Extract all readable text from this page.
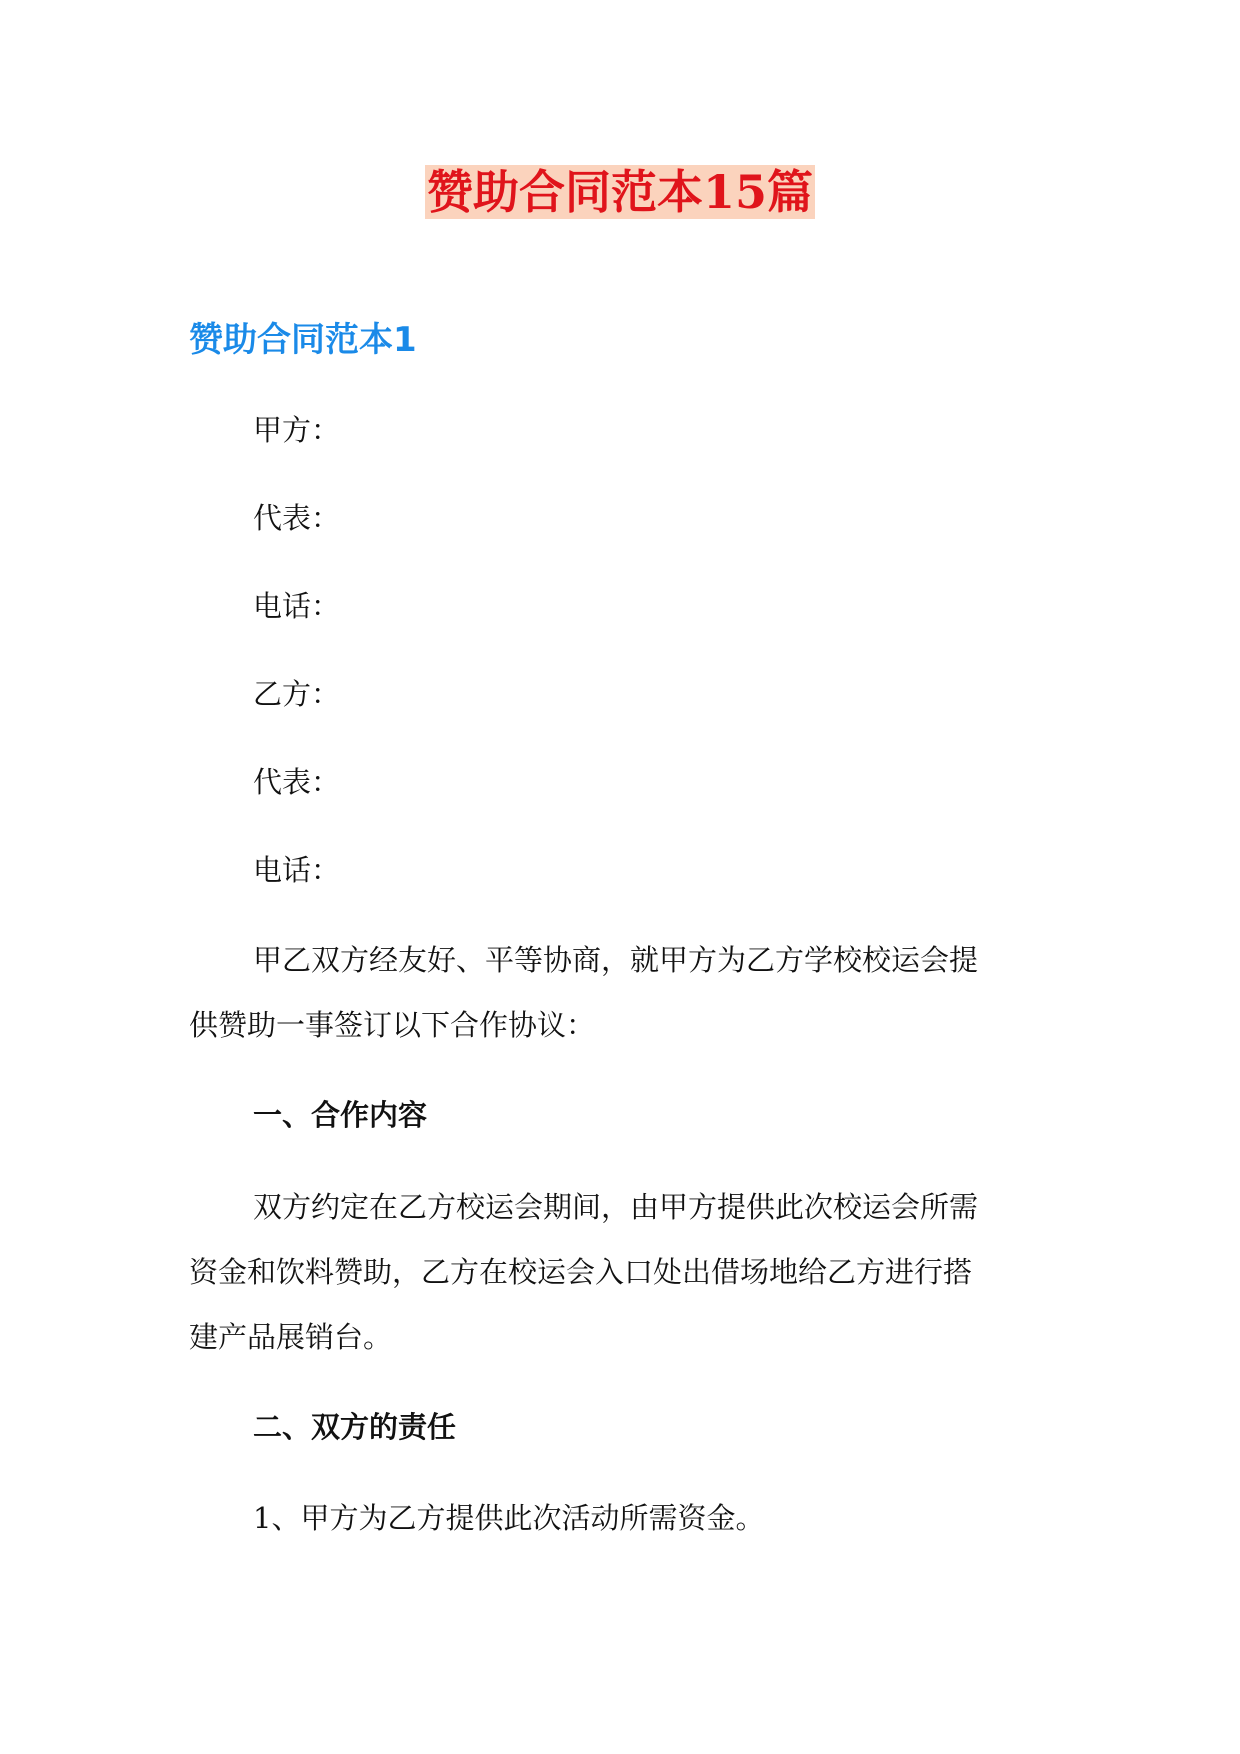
赞助合同范本15篇
赞助合同范本1

甲方：

代表：

电话：

乙方：

代表：

电话：

甲乙双方经友好、平等协商，就甲方为乙方学校校运会提

供赞助一事签订以下合作协议：

一、合作内容

双方约定在乙方校运会期间，由甲方提供此次校运会所需

资金和饮料赞助，乙方在校运会入口处出借场地给乙方进行搭

建产品展销台。

二、双方的责任

1、甲方为乙方提供此次活动所需资金。
